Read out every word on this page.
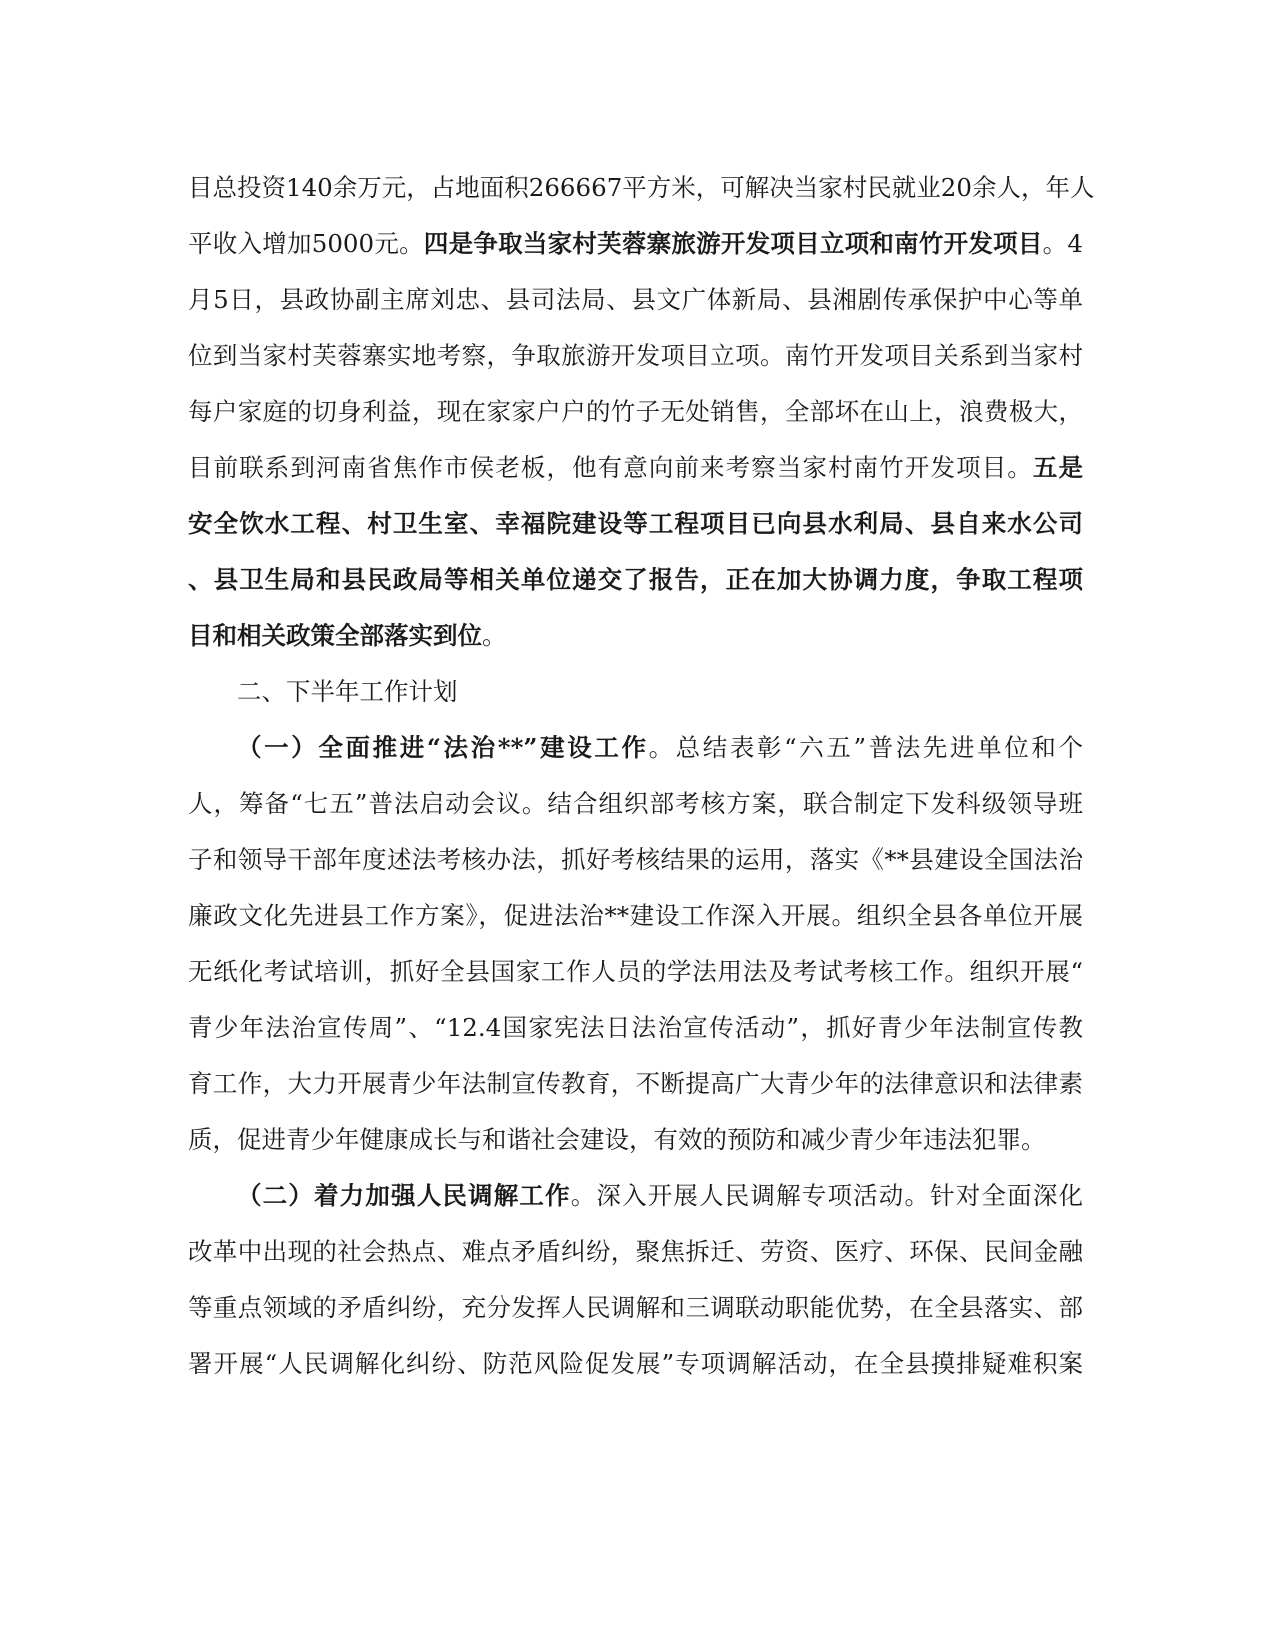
目总投资140余万元，占地面积266667平方米，可解决当家村民就业20余人，年人
平收入增加5000元。四是争取当家村芙蓉寨旅游开发项目立项和南竹开发项目。4
月5日，县政协副主席刘忠、县司法局、县文广体新局、县湘剧传承保护中心等单
位到当家村芙蓉寨实地考察，争取旅游开发项目立项。南竹开发项目关系到当家村
每户家庭的切身利益，现在家家户户的竹子无处销售，全部坏在山上，浪费极大，
目前联系到河南省焦作市侯老板，他有意向前来考察当家村南竹开发项目。五是
安全饮水工程、村卫生室、幸福院建设等工程项目已向县水利局、县自来水公司
、县卫生局和县民政局等相关单位递交了报告，正在加大协调力度，争取工程项
目和相关政策全部落实到位。
二、下半年工作计划
（一）全面推进“法治**”建设工作。总结表彰“六五”普法先进单位和个
人，筹备“七五”普法启动会议。结合组织部考核方案，联合制定下发科级领导班
子和领导干部年度述法考核办法，抓好考核结果的运用，落实《**县建设全国法治
廉政文化先进县工作方案》，促进法治**建设工作深入开展。组织全县各单位开展
无纸化考试培训，抓好全县国家工作人员的学法用法及考试考核工作。组织开展“
青少年法治宣传周”、“12.4国家宪法日法治宣传活动”，抓好青少年法制宣传教
育工作，大力开展青少年法制宣传教育，不断提高广大青少年的法律意识和法律素
质，促进青少年健康成长与和谐社会建设，有效的预防和减少青少年违法犯罪。
（二）着力加强人民调解工作。深入开展人民调解专项活动。针对全面深化
改革中出现的社会热点、难点矛盾纠纷，聚焦拆迁、劳资、医疗、环保、民间金融
等重点领域的矛盾纠纷，充分发挥人民调解和三调联动职能优势，在全县落实、部
署开展“人民调解化纠纷、防范风险促发展”专项调解活动，在全县摸排疑难积案
